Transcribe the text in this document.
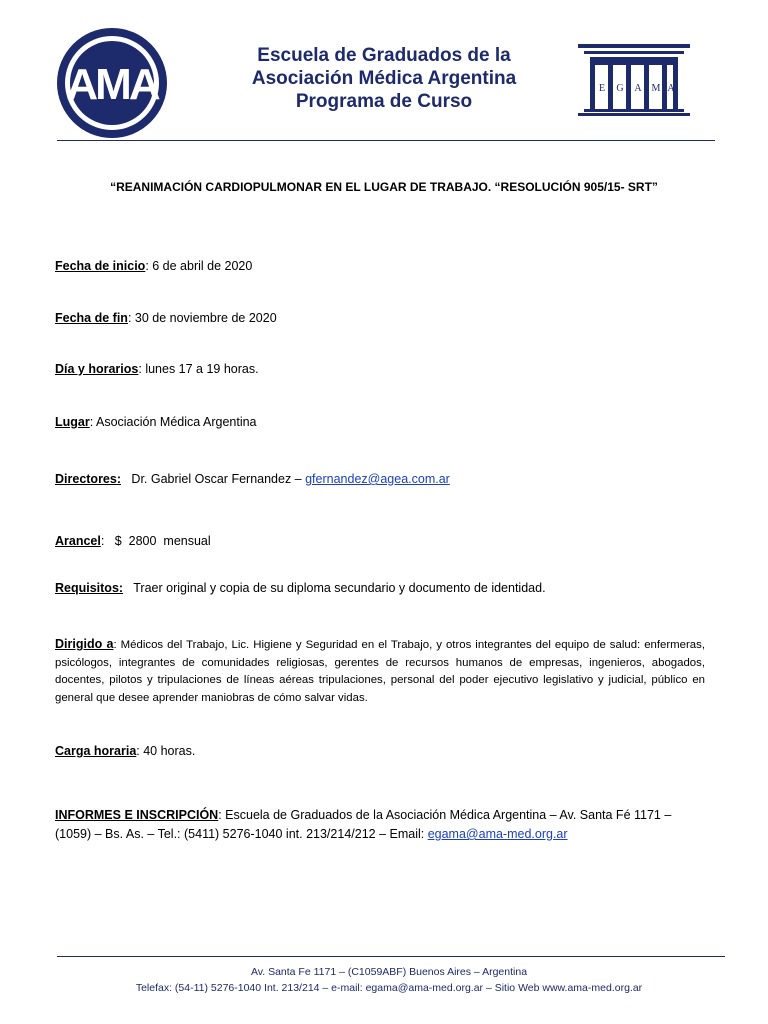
AMA
Escuela de Graduados de la
Asociación Médica Argentina
Programa de Curso
E G A M A
“REANIMACIÓN CARDIOPULMONAR EN EL LUGAR DE TRABAJO. “RESOLUCIÓN 905/15- SRT”
Fecha de inicio: 6 de abril de 2020
Fecha de fin: 30 de noviembre de 2020
Día y horarios: lunes 17 a 19 horas.
Lugar: Asociación Médica Argentina
Directores:   Dr. Gabriel Oscar Fernandez – gfernandez@agea.com.ar
Arancel:   $  2800  mensual
Requisitos:   Traer original y copia de su diploma secundario y documento de identidad.
Dirigido a: Médicos del Trabajo, Lic. Higiene y Seguridad en el Trabajo, y otros integrantes del equipo de salud: enfermeras, psicólogos, integrantes de comunidades religiosas, gerentes de recursos humanos de empresas, ingenieros, abogados, docentes, pilotos y tripulaciones de líneas aéreas tripulaciones, personal del poder ejecutivo legislativo y judicial, público en general que desee aprender maniobras de cómo salvar vidas.
Carga horaria: 40 horas.
INFORMES E INSCRIPCIÓN: Escuela de Graduados de la Asociación Médica Argentina – Av. Santa Fé 1171 – (1059) – Bs. As. – Tel.: (5411) 5276-1040 int. 213/214/212 – Email: egama@ama-med.org.ar
Av. Santa Fe 1171 – (C1059ABF) Buenos Aires – Argentina
Telefax: (54-11) 5276-1040 Int. 213/214 – e-mail: egama@ama-med.org.ar – Sitio Web www.ama-med.org.ar
